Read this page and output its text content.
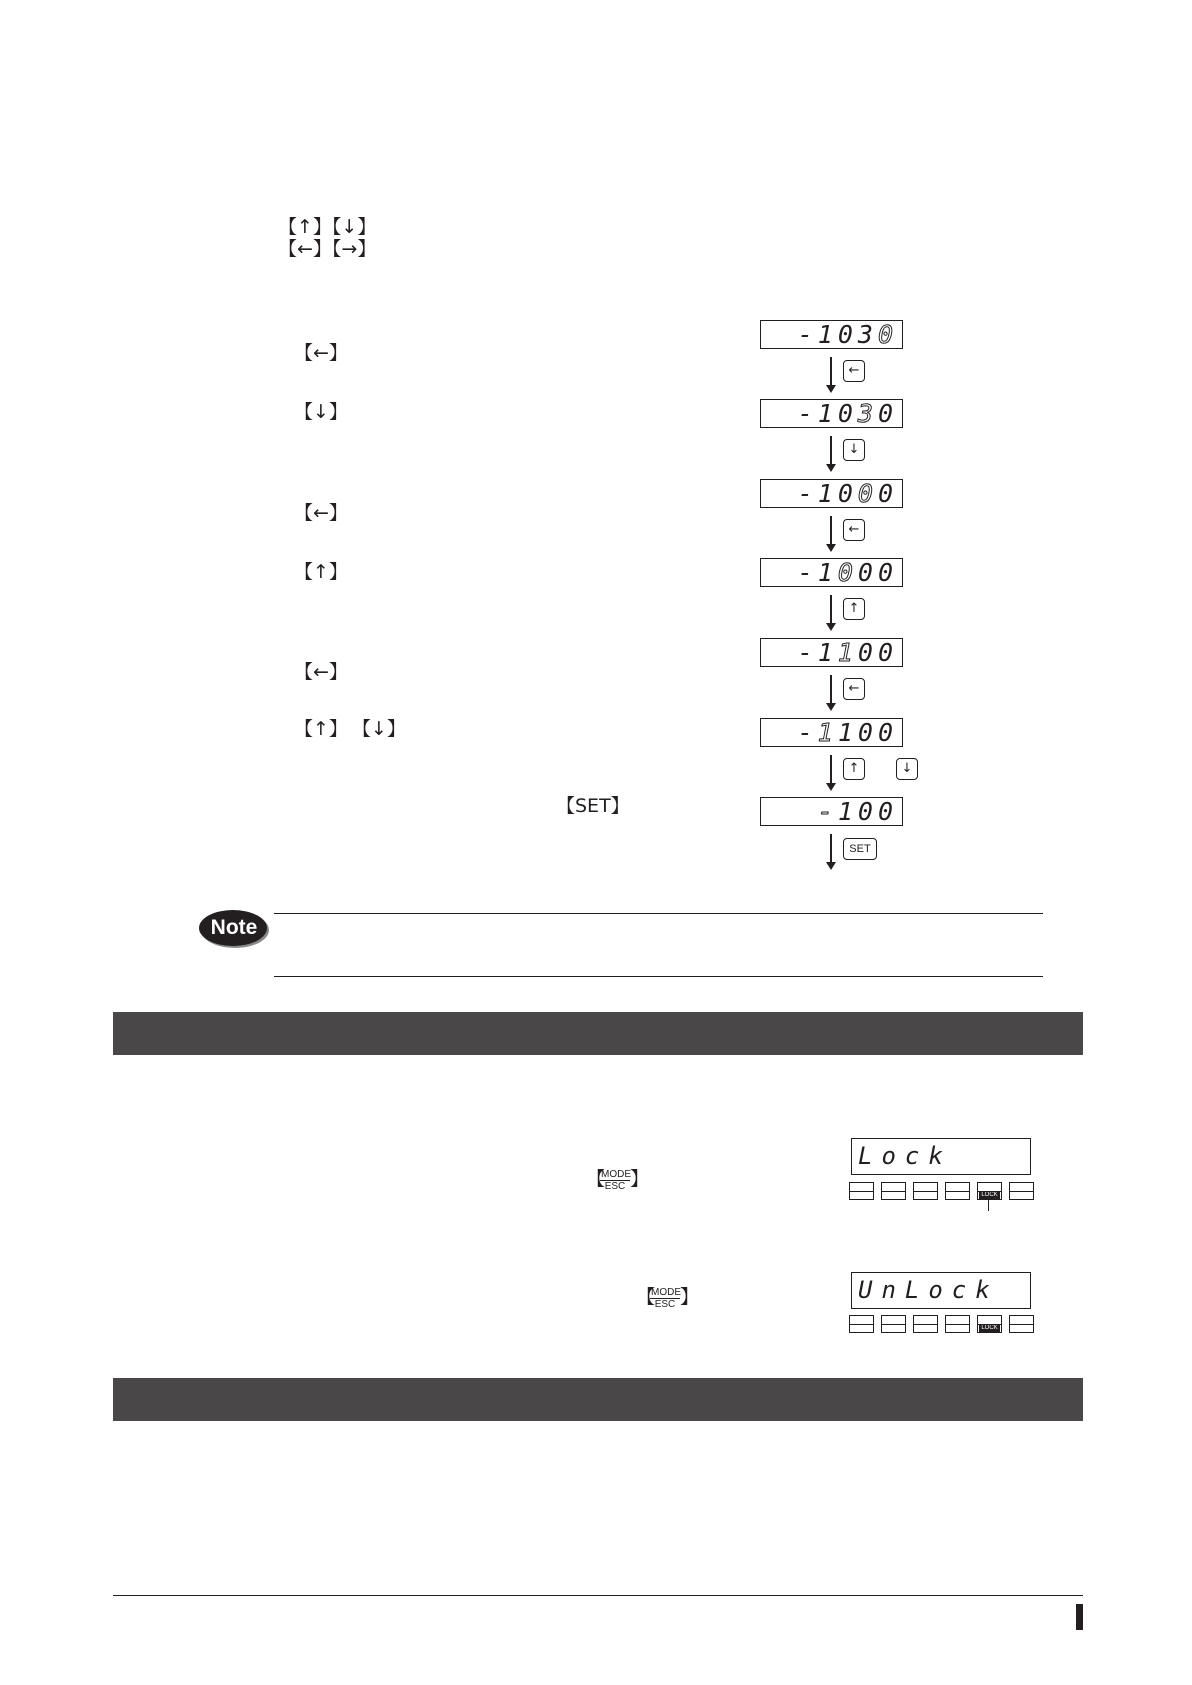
【↑】【↓】
【←】【→】
【←】
【↓】
【←】
【↑】
【←】
【↑】 【↓】
【SET】
-1030
-1030
-1000
-1000
-1100
-1100
-100
←
↓
←
↑
←
↑	↓
SET
Note
【
MODE
ESC 】
Lock
LOCK
【
MODE
ESC 】	UnLock
LOCK
